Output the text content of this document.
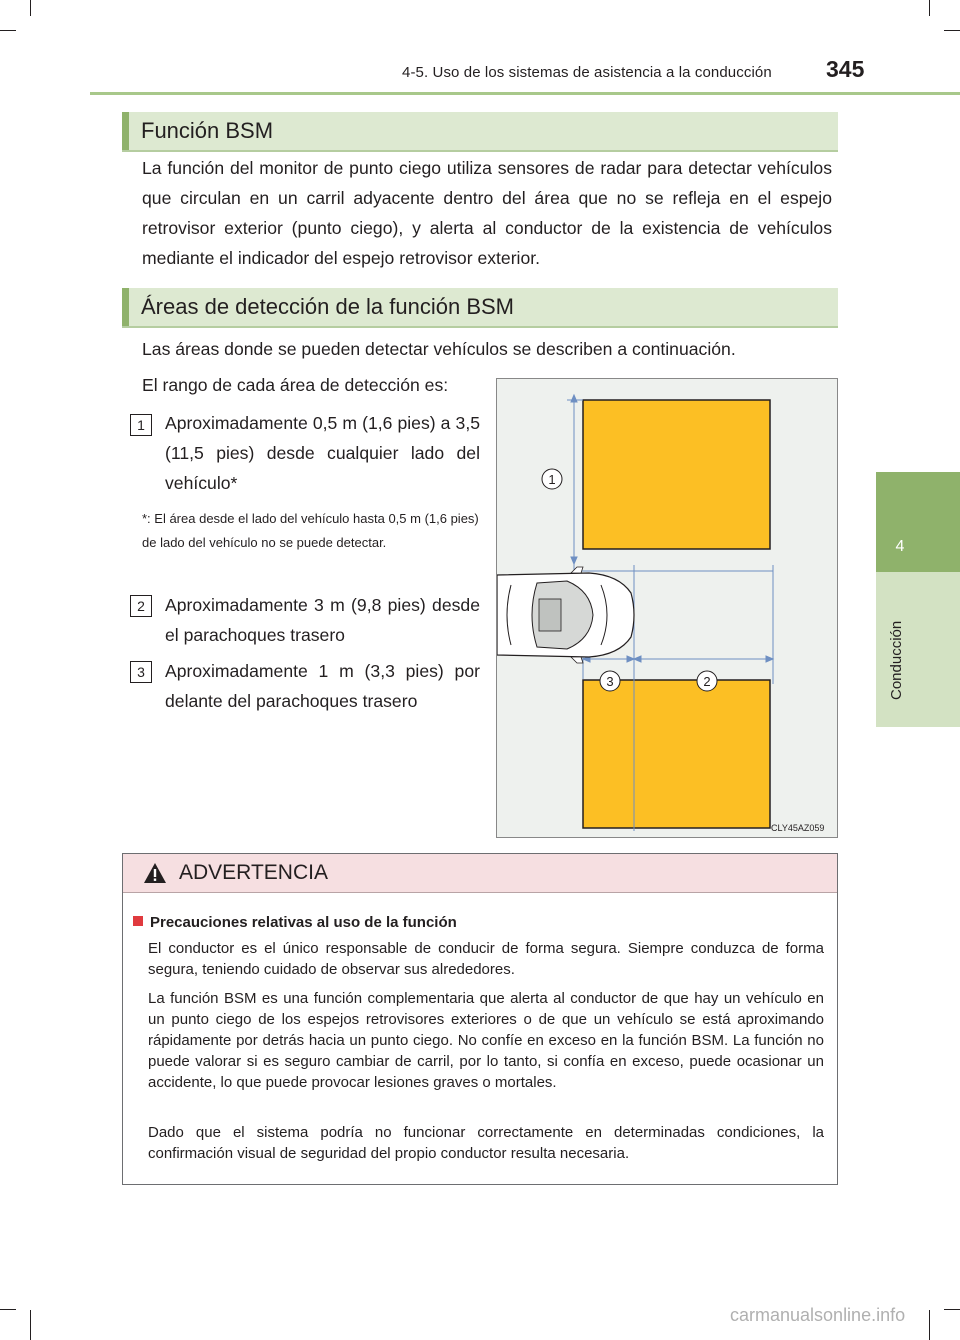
4-5. Uso de los sistemas de asistencia a la conducción 345
4
Conducción
Función BSM
La función del monitor de punto ciego utiliza sensores de radar para detectar vehículos que circulan en un carril adyacente dentro del área que no se refleja en el espejo retrovisor exterior (punto ciego), y alerta al conductor de la existencia de vehículos mediante el indicador del espejo retrovisor exterior.
Áreas de detección de la función BSM
Las áreas donde se pueden detectar vehículos se describen a continuación.
El rango de cada área de detección es:
1	Aproximadamente 0,5 m (1,6 pies) a 3,5 (11,5 pies) desde cualquier lado del vehículo*
*: El área desde el lado del vehículo hasta 0,5 m (1,6 pies) de lado del vehículo no se puede detectar.
2	Aproximadamente 3 m (9,8 pies) desde el parachoques trasero
3	Aproximadamente 1 m (3,3 pies) por delante del parachoques trasero
1
3	2
CLY45AZ059
ADVERTENCIA
Precauciones relativas al uso de la función
El conductor es el único responsable de conducir de forma segura. Siempre conduzca de forma segura, teniendo cuidado de observar sus alrededores.
La función BSM es una función complementaria que alerta al conductor de que hay un vehículo en un punto ciego de los espejos retrovisores exteriores o de que un vehículo se está aproximando rápidamente por detrás hacia un punto ciego. No confíe en exceso en la función BSM. La función no puede valorar si es seguro cambiar de carril, por lo tanto, si confía en exceso, puede ocasionar un accidente, lo que puede provocar lesiones graves o mortales.
Dado que el sistema podría no funcionar correctamente en determinadas condiciones, la confirmación visual de seguridad del propio conductor resulta necesaria.
carmanualsonline.info
